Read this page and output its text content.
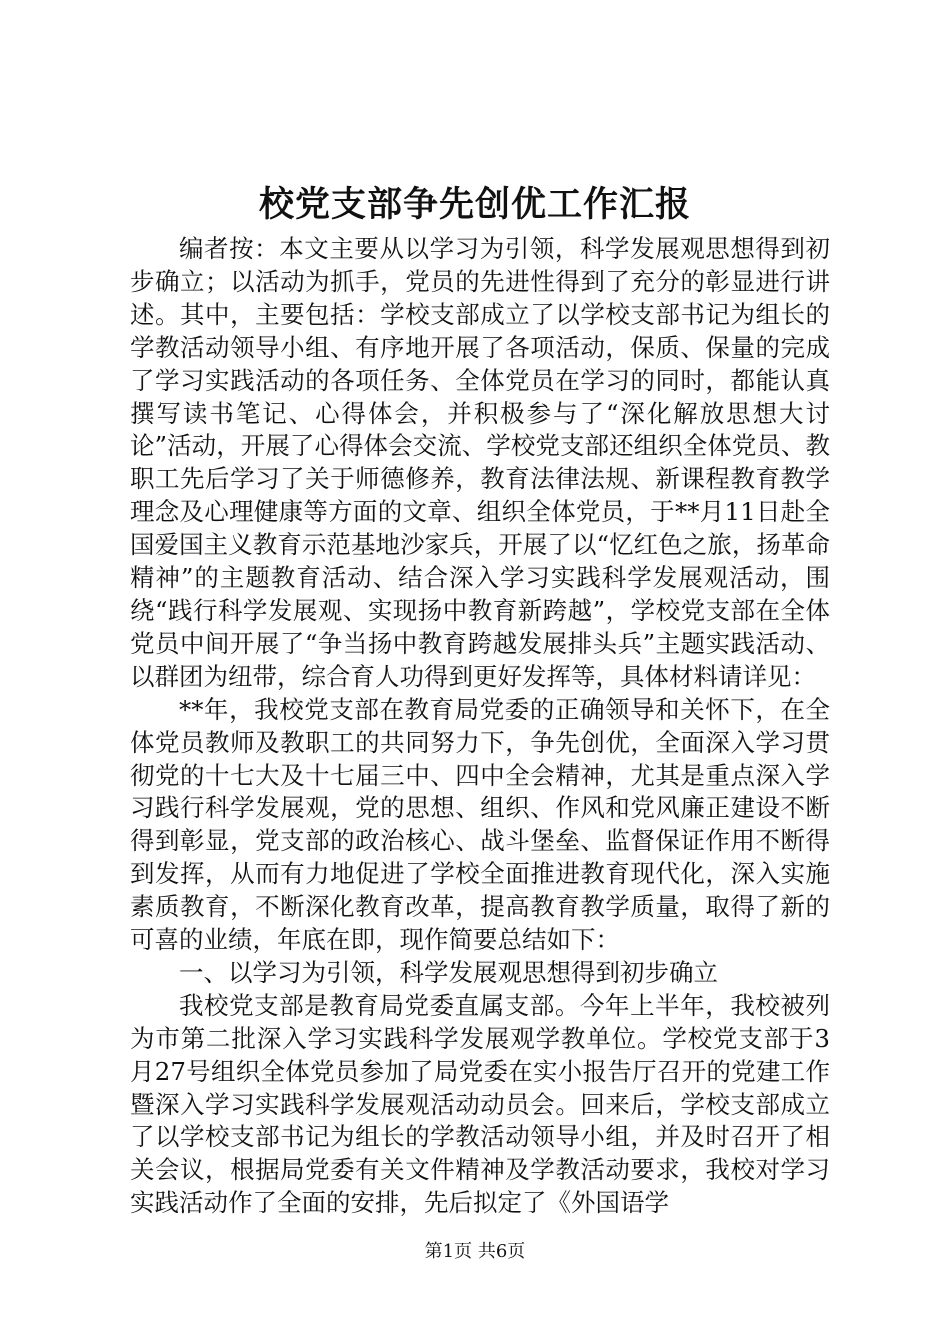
校党支部争先创优工作汇报

编者按：本文主要从以学习为引领，科学发展观思想得到初步确立；以活动为抓手，党员的先进性得到了充分的彰显进行讲述。其中，主要包括：学校支部成立了以学校支部书记为组长的学教活动领导小组、有序地开展了各项活动，保质、保量的完成了学习实践活动的各项任务、全体党员在学习的同时，都能认真撰写读书笔记、心得体会，并积极参与了“深化解放思想大讨论”活动，开展了心得体会交流、学校党支部还组织全体党员、教职工先后学习了关于师德修养，教育法律法规、新课程教育教学理念及心理健康等方面的文章、组织全体党员，于**月11日赴全国爱国主义教育示范基地沙家兵，开展了以“忆红色之旅，扬革命精神”的主题教育活动、结合深入学习实践科学发展观活动，围绕“践行科学发展观、实现扬中教育新跨越”，学校党支部在全体党员中间开展了“争当扬中教育跨越发展排头兵”主题实践活动、以群团为纽带，综合育人功得到更好发挥等，具体材料请详见：

**年，我校党支部在教育局党委的正确领导和关怀下，在全体党员教师及教职工的共同努力下，争先创优，全面深入学习贯彻党的十七大及十七届三中、四中全会精神，尤其是重点深入学习践行科学发展观，党的思想、组织、作风和党风廉正建设不断得到彰显，党支部的政治核心、战斗堡垒、监督保证作用不断得到发挥，从而有力地促进了学校全面推进教育现代化，深入实施素质教育，不断深化教育改革，提高教育教学质量，取得了新的可喜的业绩，年底在即，现作简要总结如下：

一、以学习为引领，科学发展观思想得到初步确立

我校党支部是教育局党委直属支部。今年上半年，我校被列为市第二批深入学习实践科学发展观学教单位。学校党支部于3月27号组织全体党员参加了局党委在实小报告厅召开的党建工作暨深入学习实践科学发展观活动动员会。回来后，学校支部成立了以学校支部书记为组长的学教活动领导小组，并及时召开了相关会议，根据局党委有关文件精神及学教活动要求，我校对学习实践活动作了全面的安排，先后拟定了《外国语学

第1页 共6页
